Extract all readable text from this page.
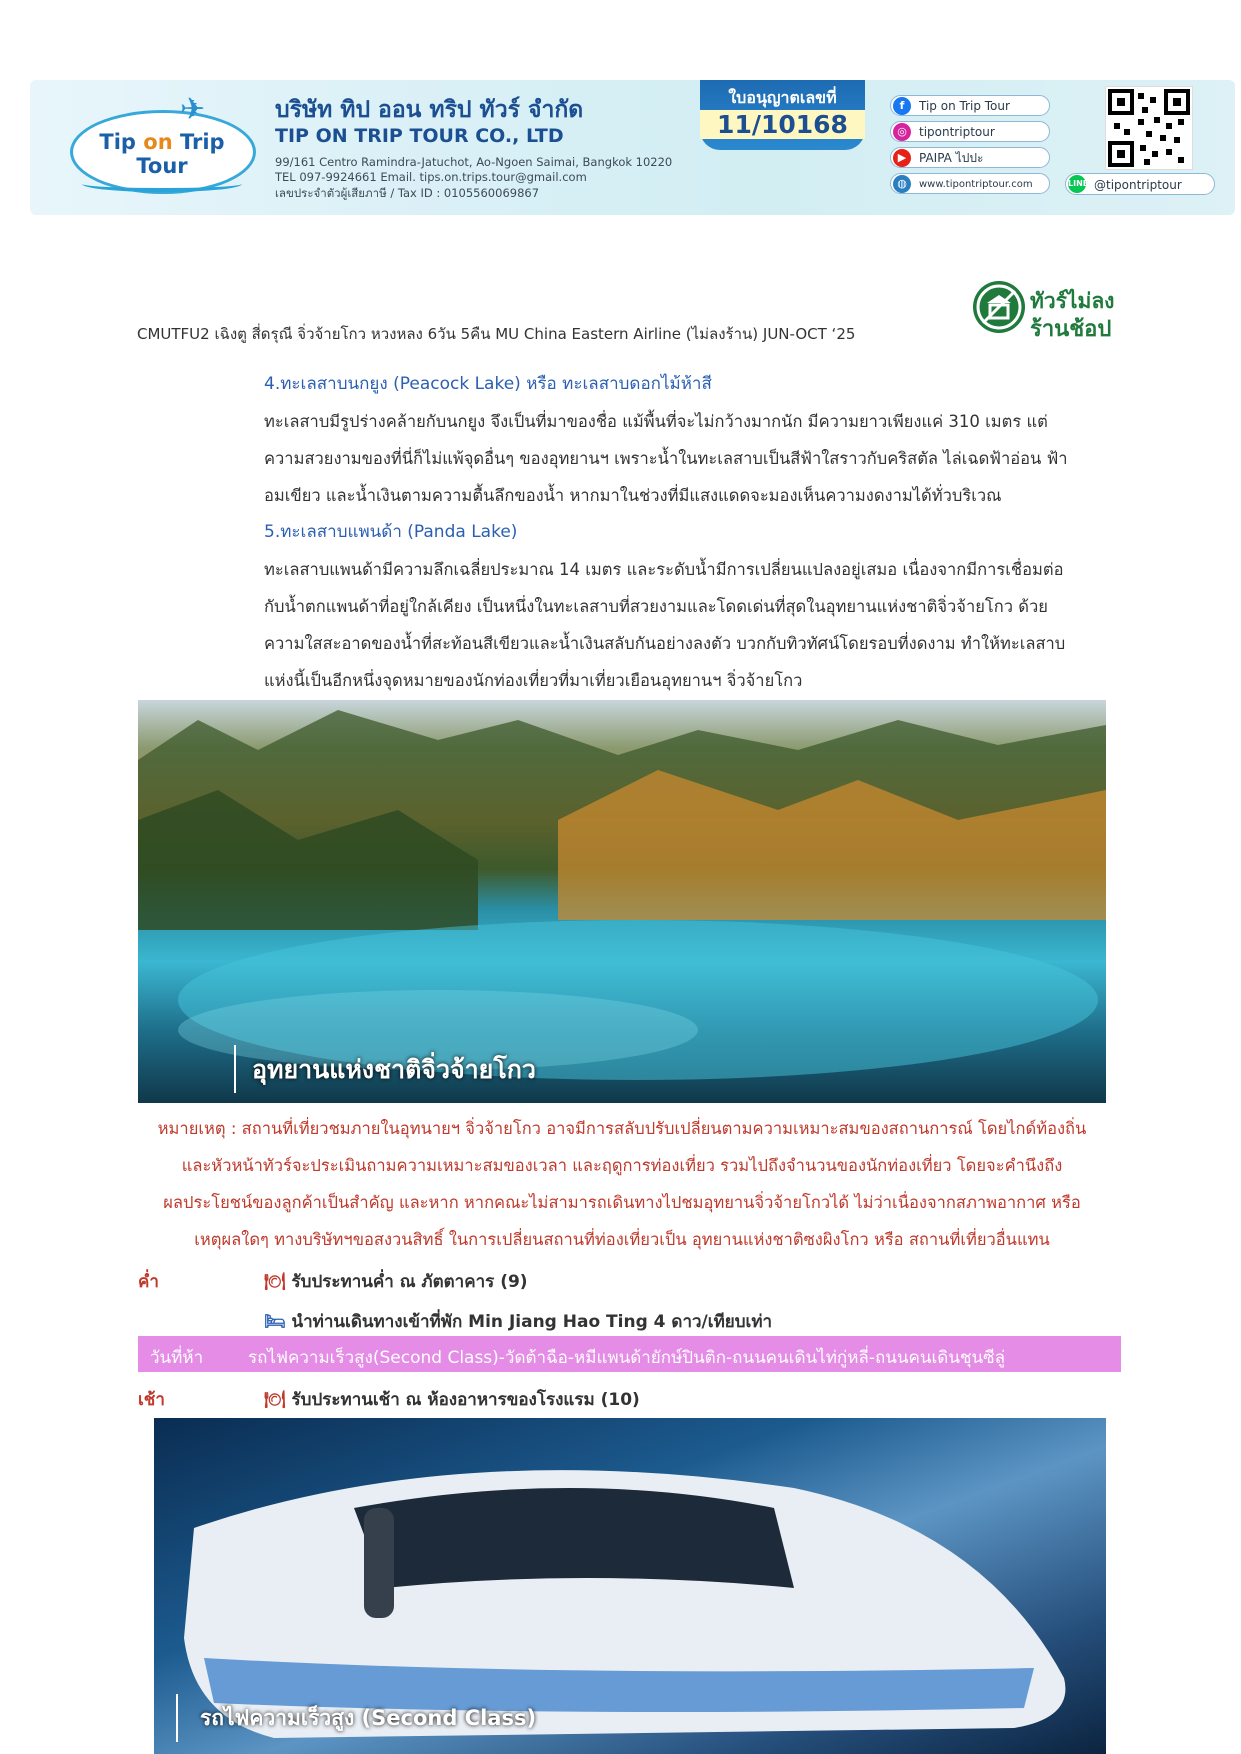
✈
Tip on Trip Tour
บริษัท ทิป ออน ทริป ทัวร์ จำกัด
TIP ON TRIP TOUR CO., LTD
99/161 Centro Ramindra-Jatuchot, Ao-Ngoen Saimai, Bangkok 10220
TEL 097-9924661 Email. tips.on.trips.tour@gmail.com
เลขประจำตัวผู้เสียภาษี / Tax ID : 0105560069867
ใบอนุญาตเลขที่
11/10168
f	Tip on Trip Tour
◎	tipontriptour
▶	PAIPA ไปปะ
◍	www.tipontriptour.com	LINE @tipontriptour
CMUTFU2 เฉิงตู สี่ดรุณี จิ่วจ้ายโกว หวงหลง 6วัน 5คืน MU China Eastern Airline (ไม่ลงร้าน) JUN-OCT ‘25
ทัวร์ไม่ลง
ร้านช้อป
4.ทะเลสาบนกยูง (Peacock Lake) หรือ ทะเลสาบดอกไม้ห้าสี
ทะเลสาบมีรูปร่างคล้ายกับนกยูง จึงเป็นที่มาของชื่อ แม้พื้นที่จะไม่กว้างมากนัก มีความยาวเพียงแค่ 310 เมตร แต่
ความสวยงามของที่นี่ก็ไม่แพ้จุดอื่นๆ ของอุทยานฯ เพราะน้ำในทะเลสาบเป็นสีฟ้าใสราวกับคริสตัล ไล่เฉดฟ้าอ่อน ฟ้า
อมเขียว และน้ำเงินตามความตื้นลึกของน้ำ หากมาในช่วงที่มีแสงแดดจะมองเห็นความงดงามได้ทั่วบริเวณ
5.ทะเลสาบแพนด้า (Panda Lake)
ทะเลสาบแพนด้ามีความลึกเฉลี่ยประมาณ 14 เมตร และระดับน้ำมีการเปลี่ยนแปลงอยู่เสมอ เนื่องจากมีการเชื่อมต่อ
กับน้ำตกแพนด้าที่อยู่ใกล้เคียง เป็นหนึ่งในทะเลสาบที่สวยงามและโดดเด่นที่สุดในอุทยานแห่งชาติจิ่วจ้ายโกว ด้วย
ความใสสะอาดของน้ำที่สะท้อนสีเขียวและน้ำเงินสลับกันอย่างลงตัว บวกกับทิวทัศน์โดยรอบที่งดงาม ทำให้ทะเลสาบ
แห่งนี้เป็นอีกหนึ่งจุดหมายของนักท่องเที่ยวที่มาเที่ยวเยือนอุทยานฯ จิ่วจ้ายโกว
อุทยานแห่งชาติจิ่วจ้ายโกว
หมายเหตุ : สถานที่เที่ยวชมภายในอุทนายฯ จิ่วจ้ายโกว อาจมีการสลับปรับเปลี่ยนตามความเหมาะสมของสถานการณ์ โดยไกด์ท้องถิ่น
และหัวหน้าทัวร์จะประเมินถามความเหมาะสมของเวลา และฤดูการท่องเที่ยว รวมไปถึงจำนวนของนักท่องเที่ยว โดยจะคำนึงถึง
ผลประโยชน์ของลูกค้าเป็นสำคัญ และหาก หากคณะไม่สามารถเดินทางไปชมอุทยานจิ่วจ้ายโกวได้ ไม่ว่าเนื่องจากสภาพอากาศ หรือ
เหตุผลใดๆ ทางบริษัทฯขอสงวนสิทธิ์ ในการเปลี่ยนสถานที่ท่องเที่ยวเป็น อุทยานแห่งชาติซงผิงโกว หรือ สถานที่เที่ยวอื่นแทน
ค่ำ	🍽 รับประทานค่ำ ณ ภัตตาคาร (9)
🛏 นำท่านเดินทางเข้าที่พัก Min Jiang Hao Ting 4 ดาว/เทียบเท่า
วันที่ห้า	รถไฟความเร็วสูง(Second Class)-วัดต้าฉือ-หมีแพนด้ายักษ์ปินติก-ถนนคนเดินไท่กู่หลี่-ถนนคนเดินชุนซีลู่
เช้า	🍽 รับประทานเช้า ณ ห้องอาหารของโรงแรม (10)
รถไฟความเร็วสูง (Second Class)
